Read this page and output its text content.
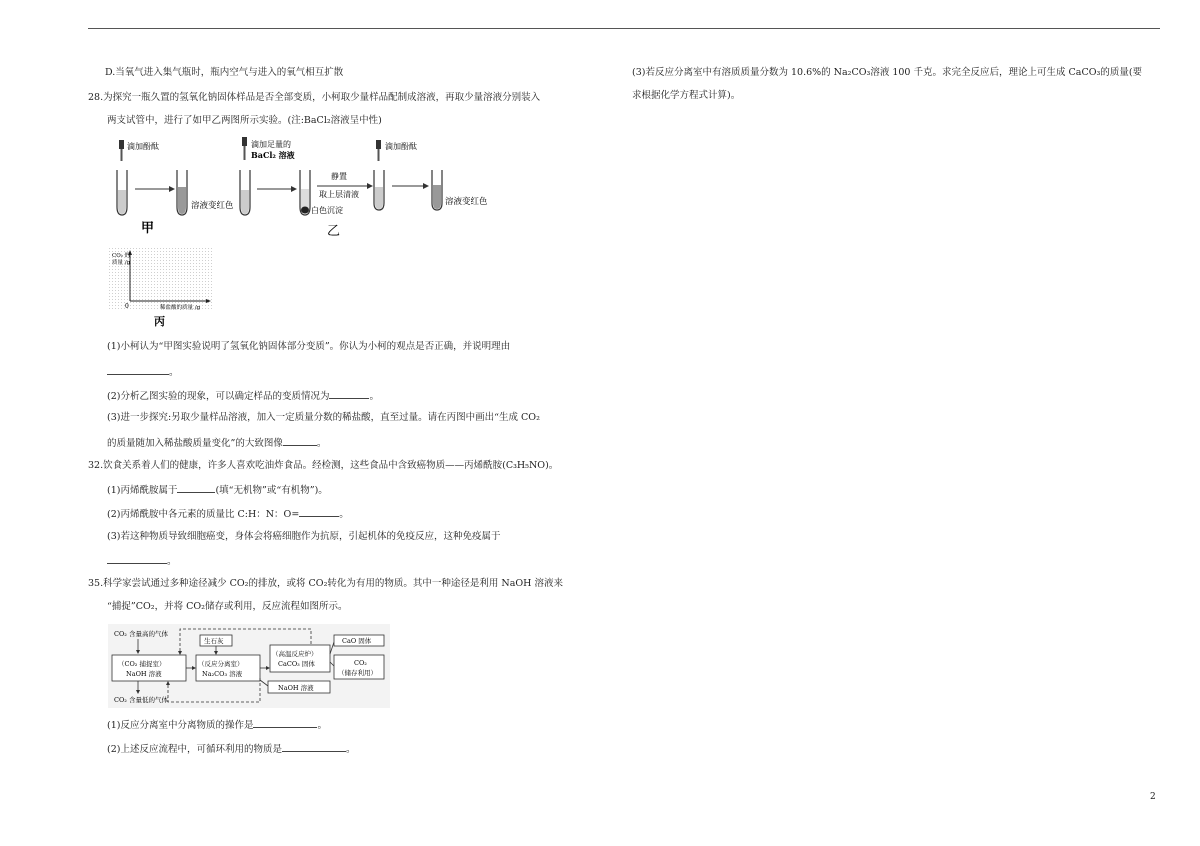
D.当氧气进入集气瓶时，瓶内空气与进入的氧气相互扩散
28.为探究一瓶久置的氢氧化钠固体样品是否全部变质，小柯取少量样品配制成溶液，再取少量溶液分别装入
两支试管中，进行了如甲乙两图所示实验。(注:BaCl₂溶液呈中性)
滴加酚酞
溶液变红色
甲
滴加足量的
BaCl₂ 溶液
白色沉淀
静置
取上层清液
滴加酚酞
溶液变红色
乙
CO₂ 的
质量 /g
0	稀盐酸的质量 /g
丙
(1)小柯认为“甲图实验说明了氢氧化钠固体部分变质”。你认为小柯的观点是否正确，并说明理由
。
(2)分析乙图实验的现象，可以确定样品的变质情况为	。
(3)进一步探究:另取少量样品溶液，加入一定质量分数的稀盐酸，直至过量。请在丙图中画出“生成 CO₂
的质量随加入稀盐酸质量变化”的大致图像	。
32.饮食关系着人们的健康，许多人喜欢吃油炸食品。经检测，这些食品中含致癌物质——丙烯酰胺(C₃H₅NO)。
(1)丙烯酰胺属于	(填“无机物”或“有机物”)。
(2)丙烯酰胺中各元素的质量比 C:H：N：O=	。
(3)若这种物质导致细胞癌变，身体会将癌细胞作为抗原，引起机体的免疫反应，这种免疫属于
。
35.科学家尝试通过多种途径减少 CO₂的排放，或将 CO₂转化为有用的物质。其中一种途径是利用 NaOH 溶液来
“捕捉”CO₂，并将 CO₂储存或利用，反应流程如图所示。
CO₂ 含量高的气体
（CO₂ 捕捉室）
NaOH 溶液
（反应分离室）
Na₂CO₃ 溶液
生石灰
（高温反应炉）
CaCO₃ 固体
CaO 固体
CO₂
（储存利用）
NaOH 溶液
CO₂ 含量低的气体
(1)反应分离室中分离物质的操作是	。
(2)上述反应流程中，可循环利用的物质是	。
(3)若反应分离室中有溶质质量分数为 10.6%的 Na₂CO₃溶液 100 千克。求完全反应后，理论上可生成 CaCO₃的质量(要
求根据化学方程式计算)。
2
